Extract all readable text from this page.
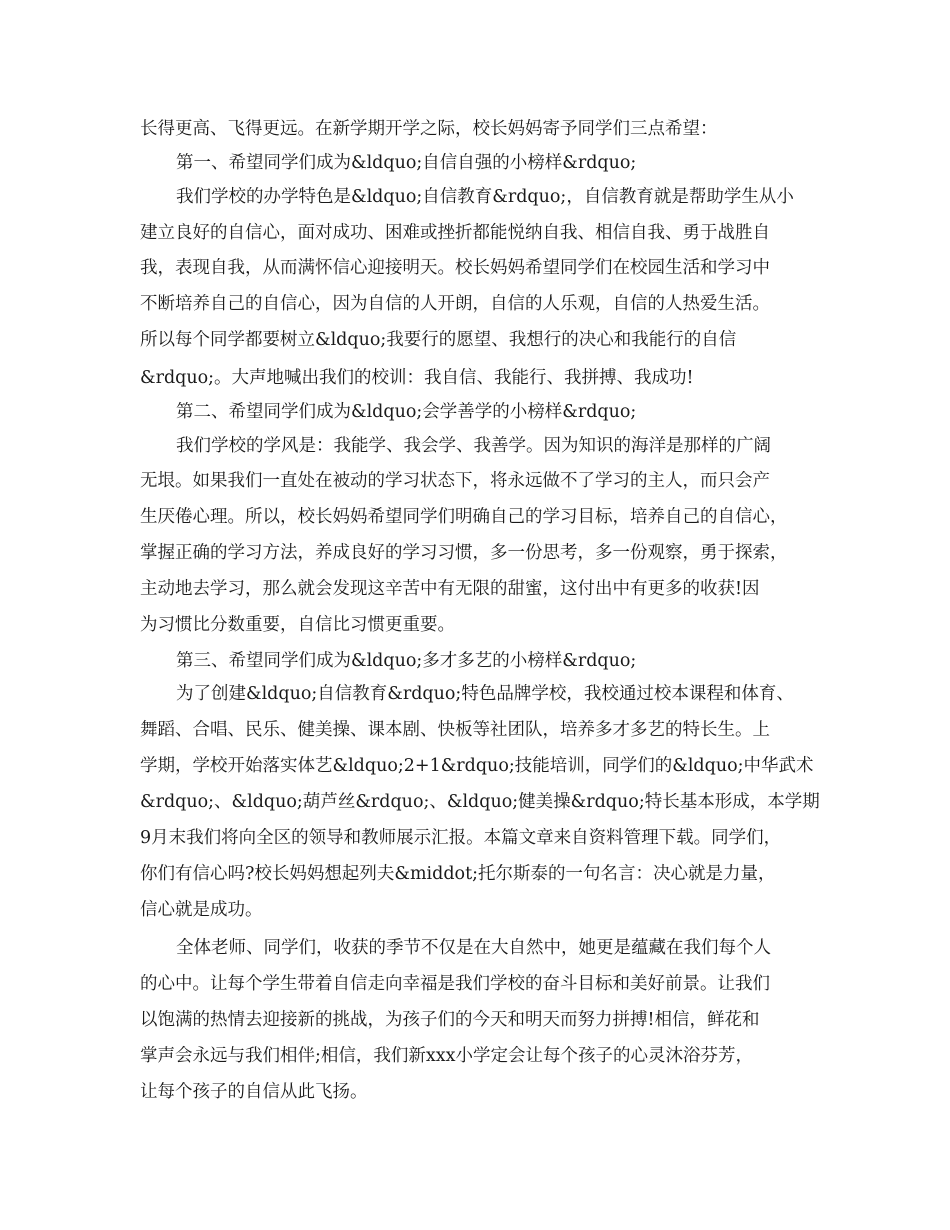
长得更高、飞得更远。在新学期开学之际，校长妈妈寄予同学们三点希望：
第一、希望同学们成为&ldquo;自信自强的小榜样&rdquo;
我们学校的办学特色是&ldquo;自信教育&rdquo;，自信教育就是帮助学生从小
建立良好的自信心，面对成功、困难或挫折都能悦纳自我、相信自我、勇于战胜自
我，表现自我，从而满怀信心迎接明天。校长妈妈希望同学们在校园生活和学习中
不断培养自己的自信心，因为自信的人开朗，自信的人乐观，自信的人热爱生活。
所以每个同学都要树立&ldquo;我要行的愿望、我想行的决心和我能行的自信
&rdquo;。大声地喊出我们的校训：我自信、我能行、我拼搏、我成功!
第二、希望同学们成为&ldquo;会学善学的小榜样&rdquo;
我们学校的学风是：我能学、我会学、我善学。因为知识的海洋是那样的广阔
无垠。如果我们一直处在被动的学习状态下，将永远做不了学习的主人，而只会产
生厌倦心理。所以，校长妈妈希望同学们明确自己的学习目标，培养自己的自信心，
掌握正确的学习方法，养成良好的学习习惯，多一份思考，多一份观察，勇于探索，
主动地去学习，那么就会发现这辛苦中有无限的甜蜜，这付出中有更多的收获!因
为习惯比分数重要，自信比习惯更重要。
第三、希望同学们成为&ldquo;多才多艺的小榜样&rdquo;
为了创建&ldquo;自信教育&rdquo;特色品牌学校，我校通过校本课程和体育、
舞蹈、合唱、民乐、健美操、课本剧、快板等社团队，培养多才多艺的特长生。上
学期，学校开始落实体艺&ldquo;2+1&rdquo;技能培训，同学们的&ldquo;中华武术
&rdquo;、&ldquo;葫芦丝&rdquo;、&ldquo;健美操&rdquo;特长基本形成，本学期
9月末我们将向全区的领导和教师展示汇报。本篇文章来自资料管理下载。同学们，
你们有信心吗?校长妈妈想起列夫&middot;托尔斯泰的一句名言：决心就是力量，
信心就是成功。
全体老师、同学们，收获的季节不仅是在大自然中，她更是蕴藏在我们每个人
的心中。让每个学生带着自信走向幸福是我们学校的奋斗目标和美好前景。让我们
以饱满的热情去迎接新的挑战，为孩子们的今天和明天而努力拼搏!相信，鲜花和
掌声会永远与我们相伴;相信，我们新xxx小学定会让每个孩子的心灵沐浴芬芳，
让每个孩子的自信从此飞扬。
